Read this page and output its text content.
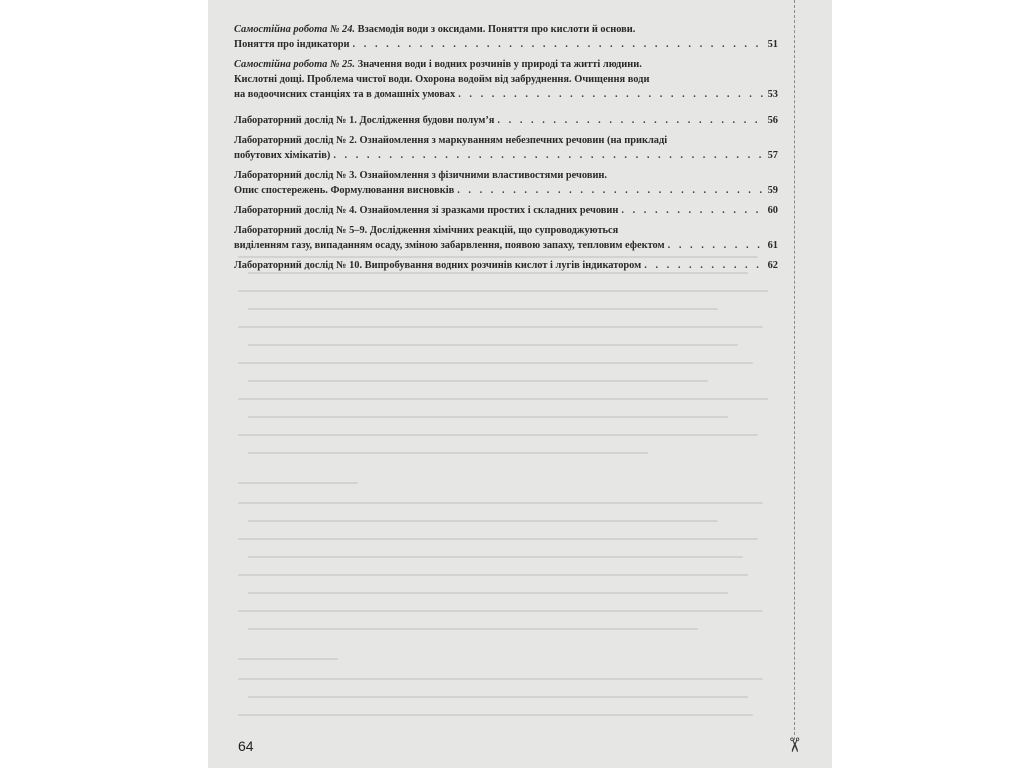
Самостійна робота № 24. Взаємодія води з оксидами. Поняття про кислоти й основи.
Поняття про індикатори . . .	51
Самостійна робота № 25. Значення води і водних розчинів у природі та житті людини.
Кислотні дощі. Проблема чистої води. Охорона водойм від забруднення. Очищення води
на водоочисних станціях та в домашніх умовах . . .	53
Лабораторний дослід № 1. Дослідження будови полум’я . . .	56
Лабораторний дослід № 2. Ознайомлення з маркуванням небезпечних речовин (на прикладі
побутових хімікатів) . . .	57
Лабораторний дослід № 3. Ознайомлення з фізичними властивостями речовин.
Опис спостережень. Формулювання висновків . . .	59
Лабораторний дослід № 4. Ознайомлення зі зразками простих і складних речовин . . .	60
Лабораторний дослід № 5–9. Дослідження хімічних реакцій, що супроводжуються
виділенням газу, випаданням осаду, зміною забарвлення, появою запаху, тепловим ефектом . . .	61
Лабораторний дослід № 10. Випробування водних розчинів кислот і лугів індикатором . . .	62
64	✂
